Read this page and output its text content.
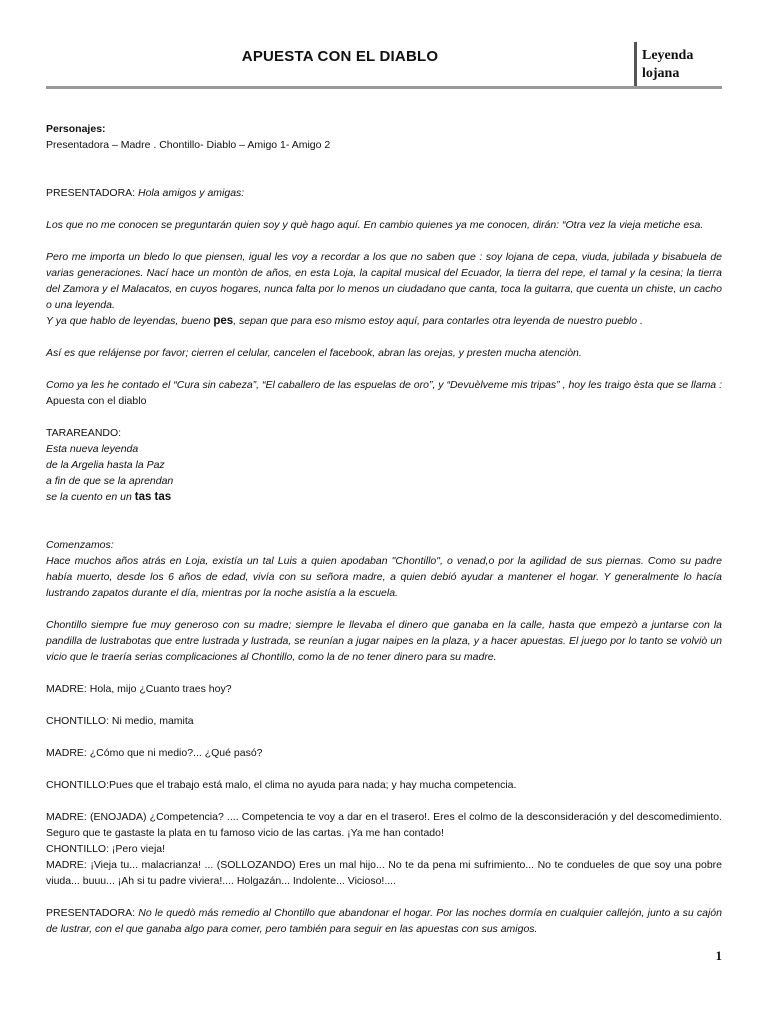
APUESTA CON EL DIABLO	Leyenda
lojana

Personajes:

Presentadora – Madre . Chontillo- Diablo – Amigo 1- Amigo 2

PRESENTADORA: Hola amigos y amigas:

Los que no me conocen se preguntarán quien soy y què hago aquí. En cambio quienes ya me conocen, dirán: “Otra vez la vieja metiche esa.

Pero me importa un bledo lo que piensen, igual les voy a recordar a los que no saben que : soy lojana de cepa, viuda, jubilada y bisabuela de varias generaciones. Nací hace un montòn de años, en esta Loja, la capital musical del Ecuador, la tierra del repe, el tamal y la cesina; la tierra del Zamora y el Malacatos, en cuyos hogares, nunca falta por lo menos un ciudadano que canta, toca la guitarra, que cuenta un chiste, un cacho o una leyenda.

Y ya que hablo de leyendas, bueno pes, sepan que para eso mismo estoy aquí, para contarles otra leyenda de nuestro pueblo .

Así es que relájense por favor; cierren el celular, cancelen el facebook, abran las orejas, y presten mucha atenciòn.

Como ya les he contado el “Cura sin cabeza”, “El caballero de las espuelas de oro”, y “Devuèlveme mis tripas” , hoy les traigo èsta que se llama : Apuesta con el diablo

TARAREANDO:

Esta nueva leyenda

de la Argelia hasta la Paz

a fin de que se la aprendan

se la cuento en un tas tas

Comenzamos:

Hace muchos años atrás en Loja, existía un tal Luis a quien apodaban "Chontillo", o venad,o por la agilidad de sus piernas. Como su padre había muerto, desde los 6 años de edad, vivía con su señora madre, a quien debió ayudar a mantener el hogar. Y generalmente lo hacía lustrando zapatos durante el día, mientras por la noche asistía a la escuela.

Chontillo siempre fue muy generoso con su madre; siempre le llevaba el dinero que ganaba en la calle, hasta que empezò a juntarse con la pandilla de lustrabotas que entre lustrada y lustrada, se reunían a jugar naipes en la plaza, y a hacer apuestas. El juego por lo tanto se volviò un vicio que le traería serias complicaciones al Chontillo, como la de no tener dinero para su madre.

MADRE: Hola, mijo ¿Cuanto traes hoy?

CHONTILLO: Ni medio, mamita

MADRE: ¿Cómo que ni medio?... ¿Qué pasó?

CHONTILLO:Pues que el trabajo está malo, el clima no ayuda para nada; y hay mucha competencia.

MADRE: (ENOJADA) ¿Competencia? .... Competencia te voy a dar en el trasero!. Eres el colmo de la desconsideración y del descomedimiento. Seguro que te gastaste la plata en tu famoso vicio de las cartas. ¡Ya me han contado!

CHONTILLO: ¡Pero vieja!

MADRE: ¡Vieja tu... malacrianza! ... (SOLLOZANDO) Eres un mal hijo... No te da pena mi sufrimiento... No te condueles de que soy una pobre viuda... buuu... ¡Ah si tu padre viviera!.... Holgazán... Indolente... Vicioso!....

PRESENTADORA: No le quedò más remedio al Chontillo que abandonar el hogar. Por las noches dormía en cualquier callejón, junto a su cajón de lustrar, con el que ganaba algo para comer, pero también para seguir en las apuestas con sus amigos.

1
